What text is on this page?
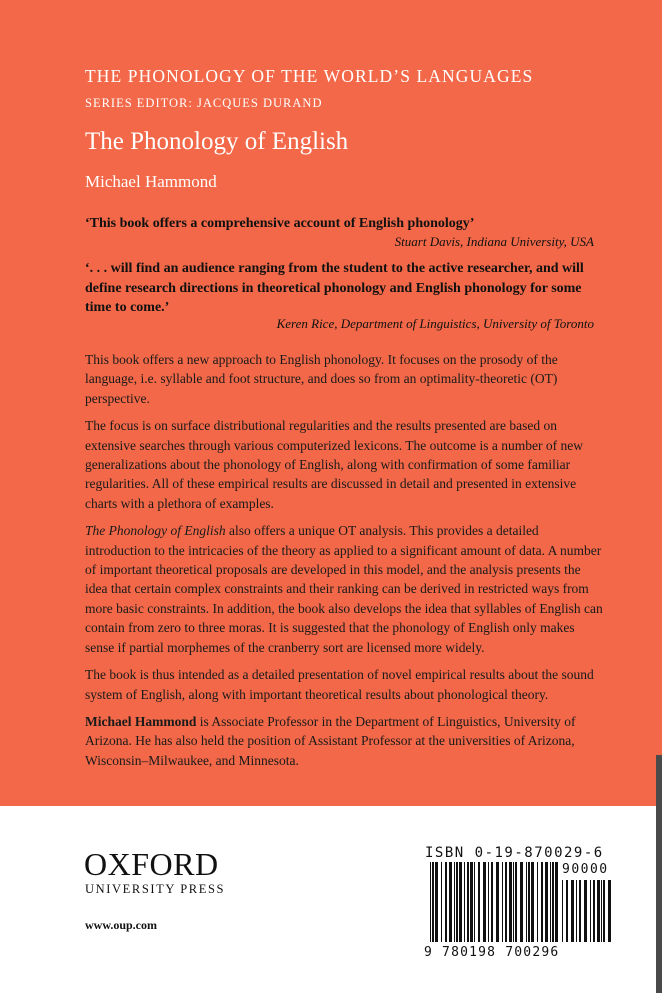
THE PHONOLOGY OF THE WORLD’S LANGUAGES
SERIES EDITOR: JACQUES DURAND
The Phonology of English
Michael Hammond
‘This book offers a comprehensive account of English phonology’
Stuart Davis, Indiana University, USA
‘. . . will find an audience ranging from the student to the active researcher, and will define research directions in theoretical phonology and English phonology for some time to come.’
Keren Rice, Department of Linguistics, University of Toronto

This book offers a new approach to English phonology. It focuses on the prosody of the language, i.e. syllable and foot structure, and does so from an optimality-theoretic (OT) perspective.

The focus is on surface distributional regularities and the results presented are based on extensive searches through various computerized lexicons. The outcome is a number of new generalizations about the phonology of English, along with confirmation of some familiar regularities. All of these empirical results are discussed in detail and presented in extensive charts with a plethora of examples.

The Phonology of English also offers a unique OT analysis. This provides a detailed introduction to the intricacies of the theory as applied to a significant amount of data. A number of important theoretical proposals are developed in this model, and the analysis presents the idea that certain complex constraints and their ranking can be derived in restricted ways from more basic constraints. In addition, the book also develops the idea that syllables of English can contain from zero to three moras. It is suggested that the phonology of English only makes sense if partial morphemes of the cranberry sort are licensed more widely.

The book is thus intended as a detailed presentation of novel empirical results about the sound system of English, along with important theoretical results about phonological theory.

Michael Hammond is Associate Professor in the Department of Linguistics, University of Arizona. He has also held the position of Assistant Professor at the universities of Arizona, Wisconsin–Milwaukee, and Minnesota.

OXFORD
UNIVERSITY PRESS
www.oup.com
ISBN 0-19-870029-6
90000
9 780198 700296
